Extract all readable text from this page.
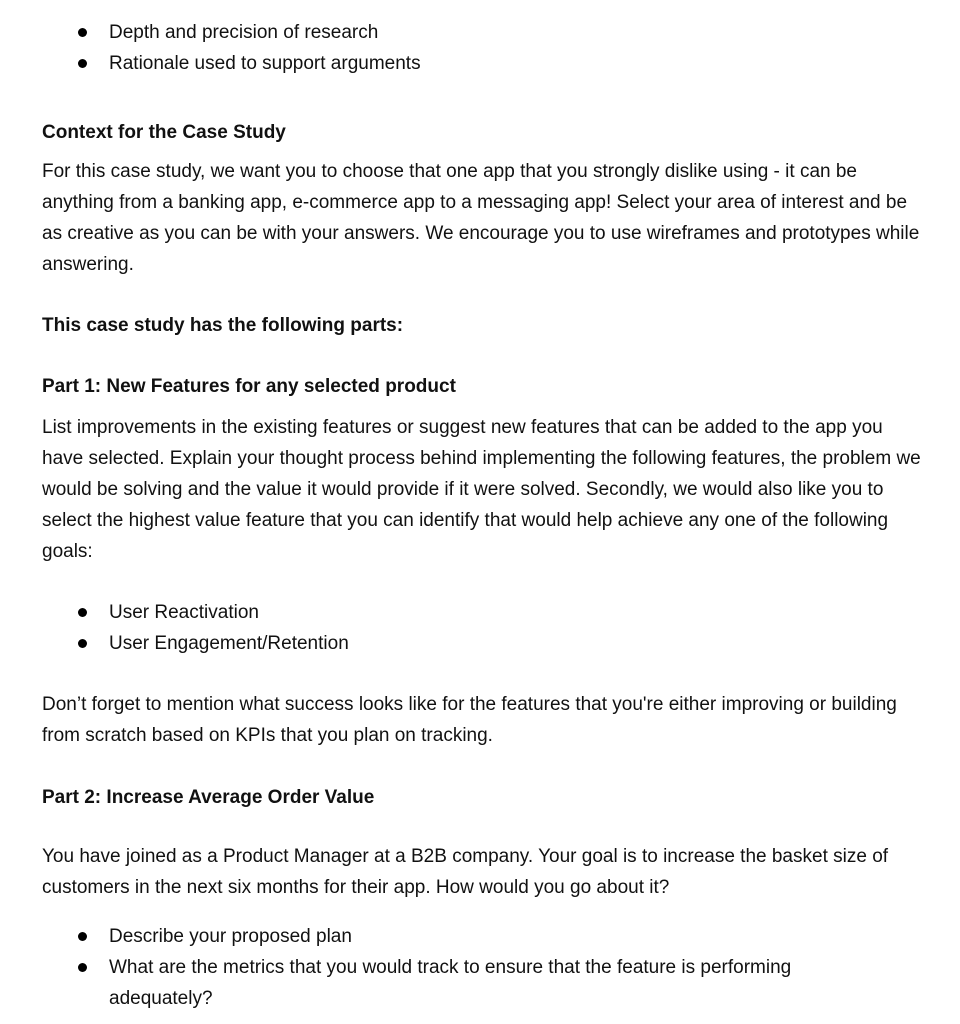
Depth and precision of research
Rationale used to support arguments

Context for the Case Study

For this case study, we want you to choose that one app that you strongly dislike using - it can be anything from a banking app, e-commerce app to a messaging app! Select your area of interest and be as creative as you can be with your answers. We encourage you to use wireframes and prototypes while answering.

This case study has the following parts:

Part 1: New Features for any selected product

List improvements in the existing features or suggest new features that can be added to the app you have selected. Explain your thought process behind implementing the following features, the problem we would be solving and the value it would provide if it were solved. Secondly, we would also like you to select the highest value feature that you can identify that would help achieve any one of the following goals:

User Reactivation
User Engagement/Retention

Don’t forget to mention what success looks like for the features that you're either improving or building from scratch based on KPIs that you plan on tracking.

Part 2: Increase Average Order Value

You have joined as a Product Manager at a B2B company. Your goal is to increase the basket size of customers in the next six months for their app. How would you go about it?

Describe your proposed plan
What are the metrics that you would track to ensure that the feature is performing adequately?
